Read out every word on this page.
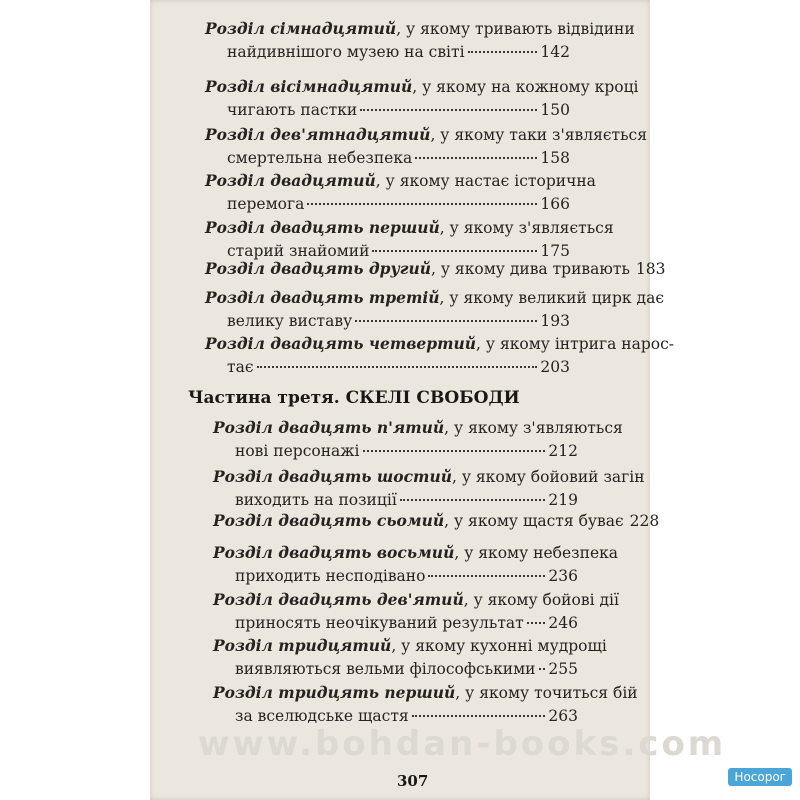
www.bohdan-books.com
Розділ сімнадцятий, у якому тривають відвідини
найдивнішого музею на світі	142
Розділ вісімнадцятий, у якому на кожному кроці
чигають пастки	150
Розділ дев'ятнадцятий, у якому таки з'являється
смертельна небезпека	158
Розділ двадцятий, у якому настає історична
перемога	166
Розділ двадцять перший, у якому з'являється
старий знайомий	175
Розділ двадцять другий, у якому дива тривають 183
Розділ двадцять третій, у якому великий цирк дає
велику виставу	193
Розділ двадцять четвертий, у якому інтрига нарос-
тає	203
Частина третя. СКЕЛІ СВОБОДИ
Розділ двадцять п'ятий, у якому з'являються
нові персонажі	212
Розділ двадцять шостий, у якому бойовий загін
виходить на позиції	219
Розділ двадцять сьомий, у якому щастя буває 228
Розділ двадцять восьмий, у якому небезпека
приходить несподівано	236
Розділ двадцять дев'ятий, у якому бойові дії
приносять неочікуваний результат 246
Розділ тридцятий, у якому кухонні мудрощі
виявляються вельми філософськими 255
Розділ тридцять перший, у якому точиться бій
за вселюдське щастя	263
307	Носорог
